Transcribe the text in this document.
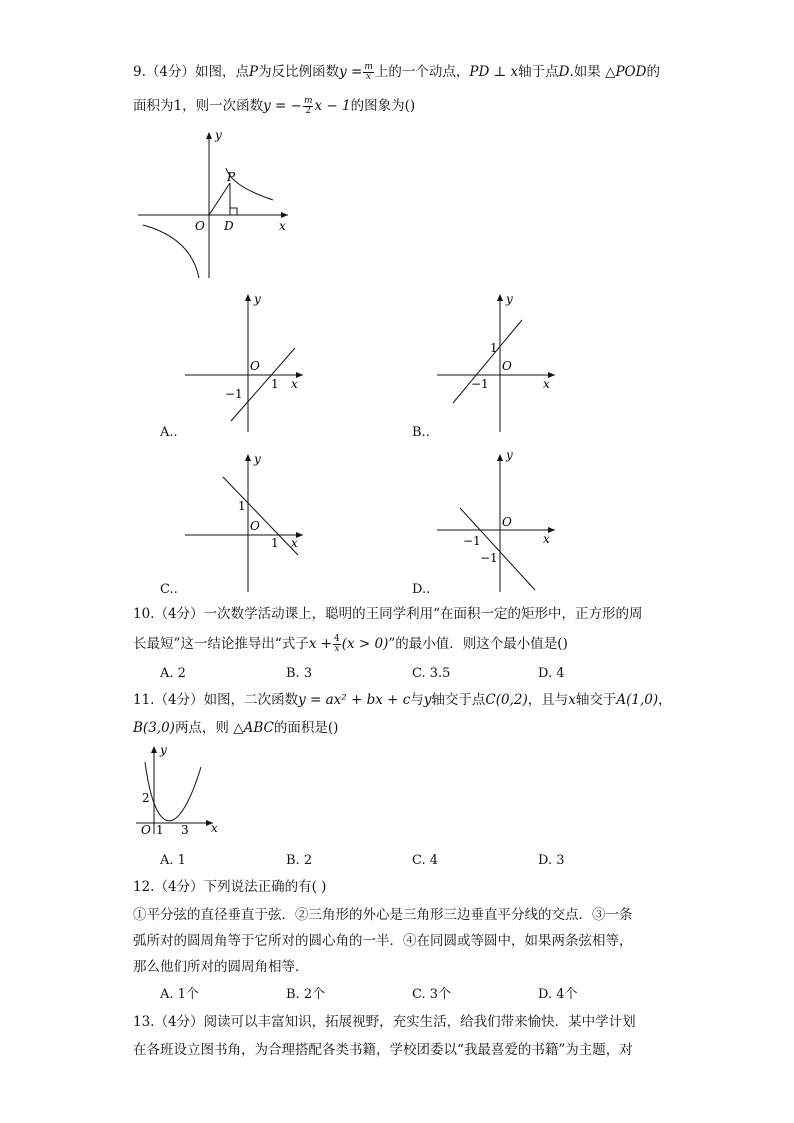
9.（4分）如图，点P为反比例函数$y = \frac{m}{x}$ 上的一个动点，PD ⊥ x轴于点D.如果 △POD的
面积为1，则一次函数y = − $\frac{m}{2}$ x − 1的图象为()
y
x
O D
P
y
x
O
1
−1
A..
y
x
O
1
−1
B..
y
x
O
1
1
C..
y
x
O
−1
−1
D..
10.（4分）一次数学活动课上，聪明的王同学利用“在面积一定的矩形中，正方形的周
长最短”这一结论推导出“式子$x + \frac{4}{x} (x > 0)$”的最小值．则这个最小值是()
A. 2	B. 3	C. 3.5	D. 4
11.（4分）如图，二次函数y = ax² + bx + c与y轴交于点C(0,2)，且与x轴交于A(1,0)，
B(3,0)两点，则 △ABC的面积是()
y
x
O
2
1 3
A. 1	B. 2	C. 4	D. 3
12.（4分）下列说法正确的有( )
①平分弦的直径垂直于弦．②三角形的外心是三角形三边垂直平分线的交点．③一条
弧所对的圆周角等于它所对的圆心角的一半．④在同圆或等圆中，如果两条弦相等，
那么他们所对的圆周角相等．
A. 1个	B. 2个	C. 3个	D. 4个
13.（4分）阅读可以丰富知识，拓展视野，充实生活，给我们带来愉快．某中学计划
在各班设立图书角，为合理搭配各类书籍，学校团委以“我最喜爱的书籍”为主题，对
